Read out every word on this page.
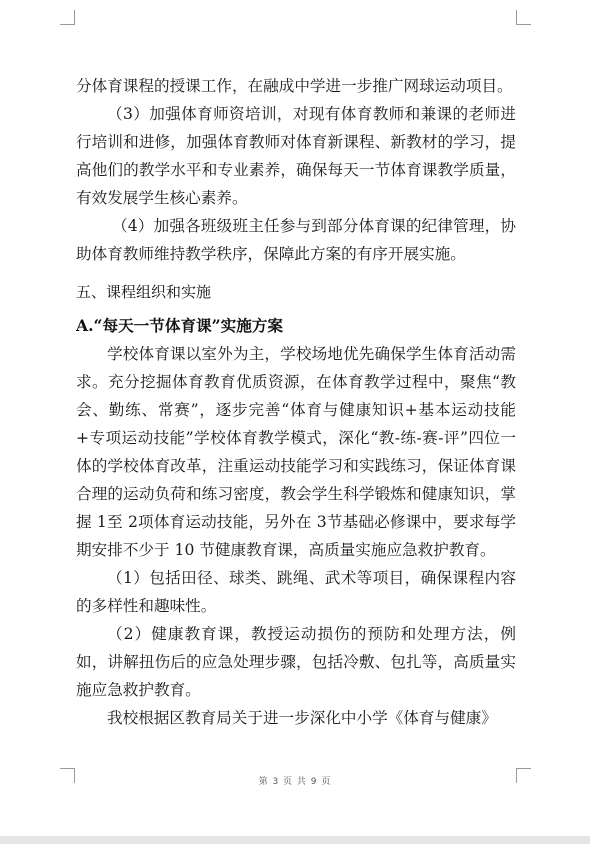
分体育课程的授课工作，在融成中学进一步推广网球运动项目。

（3）加强体育师资培训，对现有体育教师和兼课的老师进行培训和进修，加强体育教师对体育新课程、新教材的学习，提高他们的教学水平和专业素养，确保每天一节体育课教学质量，有效发展学生核心素养。

（4）加强各班级班主任参与到部分体育课的纪律管理，协助体育教师维持教学秩序，保障此方案的有序开展实施。

五、课程组织和实施

A.“每天一节体育课”实施方案

学校体育课以室外为主，学校场地优先确保学生体育活动需求。充分挖掘体育教育优质资源，在体育教学过程中，聚焦“教会、勤练、常赛”，逐步完善“体育与健康知识+基本运动技能+专项运动技能”学校体育教学模式，深化“教-练-赛-评”四位一体的学校体育改革，注重运动技能学习和实践练习，保证体育课合理的运动负荷和练习密度，教会学生科学锻炼和健康知识，掌握 1至 2项体育运动技能，另外在 3节基础必修课中，要求每学期安排不少于 10 节健康教育课，高质量实施应急救护教育。

（1）包括田径、球类、跳绳、武术等项目，确保课程内容的多样性和趣味性。

（2）健康教育课，教授运动损伤的预防和处理方法，例如，讲解扭伤后的应急处理步骤，包括冷敷、包扎等，高质量实施应急救护教育。

我校根据区教育局关于进一步深化中小学《体育与健康》

第 3 页 共 9 页
